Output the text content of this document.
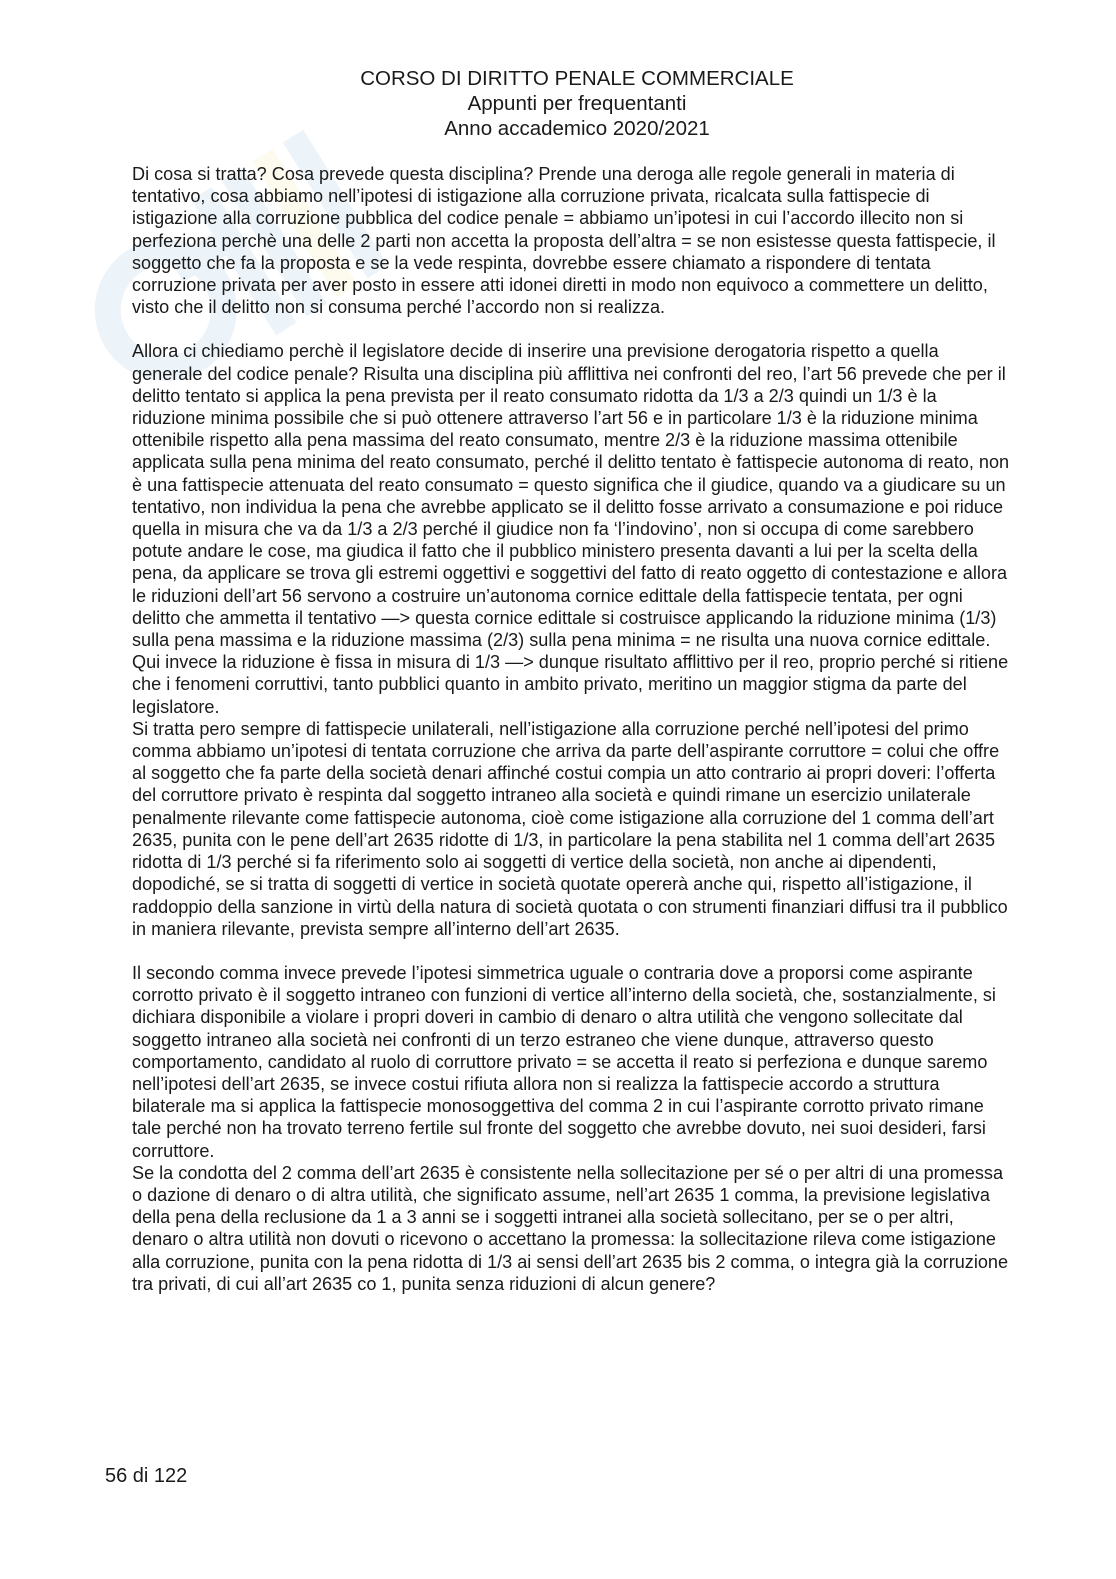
CORSO DI DIRITTO PENALE COMMERCIALE
Appunti per frequentanti
Anno accademico 2020/2021

Di cosa si tratta? Cosa prevede questa disciplina? Prende una deroga alle regole generali in materia di tentativo, cosa abbiamo nell’ipotesi di istigazione alla corruzione privata, ricalcata sulla fattispecie di istigazione alla corruzione pubblica del codice penale = abbiamo un’ipotesi in cui l’accordo illecito non si perfeziona perchè una delle 2 parti non accetta la proposta dell’altra = se non esistesse questa fattispecie, il soggetto che fa la proposta e se la vede respinta, dovrebbe essere chiamato a rispondere di tentata corruzione privata per aver posto in essere atti idonei diretti in modo non equivoco a commettere un delitto, visto che il delitto non si consuma perché l’accordo non si realizza.

Allora ci chiediamo perchè il legislatore decide di inserire una previsione derogatoria rispetto a quella generale del codice penale? Risulta una disciplina più afflittiva nei confronti del reo, l’art 56 prevede che per il delitto tentato si applica la pena prevista per il reato consumato ridotta da 1/3 a 2/3 quindi un 1/3 è la riduzione minima possibile che si può ottenere attraverso l’art 56 e in particolare 1/3 è la riduzione minima ottenibile rispetto alla pena massima del reato consumato, mentre 2/3 è la riduzione massima ottenibile applicata sulla pena minima del reato consumato, perché il delitto tentato è fattispecie autonoma di reato, non è una fattispecie attenuata del reato consumato = questo significa che il giudice, quando va a giudicare su un tentativo, non individua la pena che avrebbe applicato se il delitto fosse arrivato a consumazione e poi riduce quella in misura che va da 1/3 a 2/3 perché il giudice non fa ‘l’indovino’, non si occupa di come sarebbero potute andare le cose, ma giudica il fatto che il pubblico ministero presenta davanti a lui per la scelta della pena, da applicare se trova gli estremi oggettivi e soggettivi del fatto di reato oggetto di contestazione e allora le riduzioni dell’art 56 servono a costruire un’autonoma cornice edittale della fattispecie tentata, per ogni delitto che ammetta il tentativo —> questa cornice edittale si costruisce applicando la riduzione minima (1/3) sulla pena massima e la riduzione massima (2/3) sulla pena minima = ne risulta una nuova cornice edittale.

Qui invece la riduzione è fissa in misura di 1/3 —> dunque risultato afflittivo per il reo, proprio perché si ritiene che i fenomeni corruttivi, tanto pubblici quanto in ambito privato, meritino un maggior stigma da parte del legislatore.

Si tratta pero sempre di fattispecie unilaterali, nell’istigazione alla corruzione perché nell’ipotesi del primo comma abbiamo un’ipotesi di tentata corruzione che arriva da parte dell’aspirante corruttore = colui che offre al soggetto che fa parte della società denari affinché costui compia un atto contrario ai propri doveri: l’offerta del corruttore privato è respinta dal soggetto intraneo alla società e quindi rimane un esercizio unilaterale penalmente rilevante come fattispecie autonoma, cioè come istigazione alla corruzione del 1 comma dell’art 2635, punita con le pene dell’art 2635 ridotte di 1/3, in particolare la pena stabilita nel 1 comma dell’art 2635 ridotta di 1/3 perché si fa riferimento solo ai soggetti di vertice della società, non anche ai dipendenti, dopodiché, se si tratta di soggetti di vertice in società quotate opererà anche qui, rispetto all’istigazione, il raddoppio della sanzione in virtù della natura di società quotata o con strumenti finanziari diffusi tra il pubblico in maniera rilevante, prevista sempre all’interno dell’art 2635.

Il secondo comma invece prevede l’ipotesi simmetrica uguale o contraria dove a proporsi come aspirante corrotto privato è il soggetto intraneo con funzioni di vertice all’interno della società, che, sostanzialmente, si dichiara disponibile a violare i propri doveri in cambio di denaro o altra utilità che vengono sollecitate dal soggetto intraneo alla società nei confronti di un terzo estraneo che viene dunque, attraverso questo comportamento, candidato al ruolo di corruttore privato = se accetta il reato si perfeziona e dunque saremo nell’ipotesi dell’art 2635, se invece costui rifiuta allora non si realizza la fattispecie accordo a struttura bilaterale ma si applica la fattispecie monosoggettiva del comma 2 in cui l’aspirante corrotto privato rimane tale perché non ha trovato terreno fertile sul fronte del soggetto che avrebbe dovuto, nei suoi desideri, farsi corruttore.

Se la condotta del 2 comma dell’art 2635 è consistente nella sollecitazione per sé o per altri di una promessa o dazione di denaro o di altra utilità, che significato assume, nell’art 2635 1 comma, la previsione legislativa della pena della reclusione da 1 a 3 anni se i soggetti intranei alla società sollecitano, per se o per altri, denaro o altra utilità non dovuti o ricevono o accettano la promessa: la sollecitazione rileva come istigazione alla corruzione, punita con la pena ridotta di 1/3 ai sensi dell’art 2635 bis 2 comma, o integra già la corruzione tra privati, di cui all’art 2635 co 1, punita senza riduzioni di alcun genere?

56 di 122
